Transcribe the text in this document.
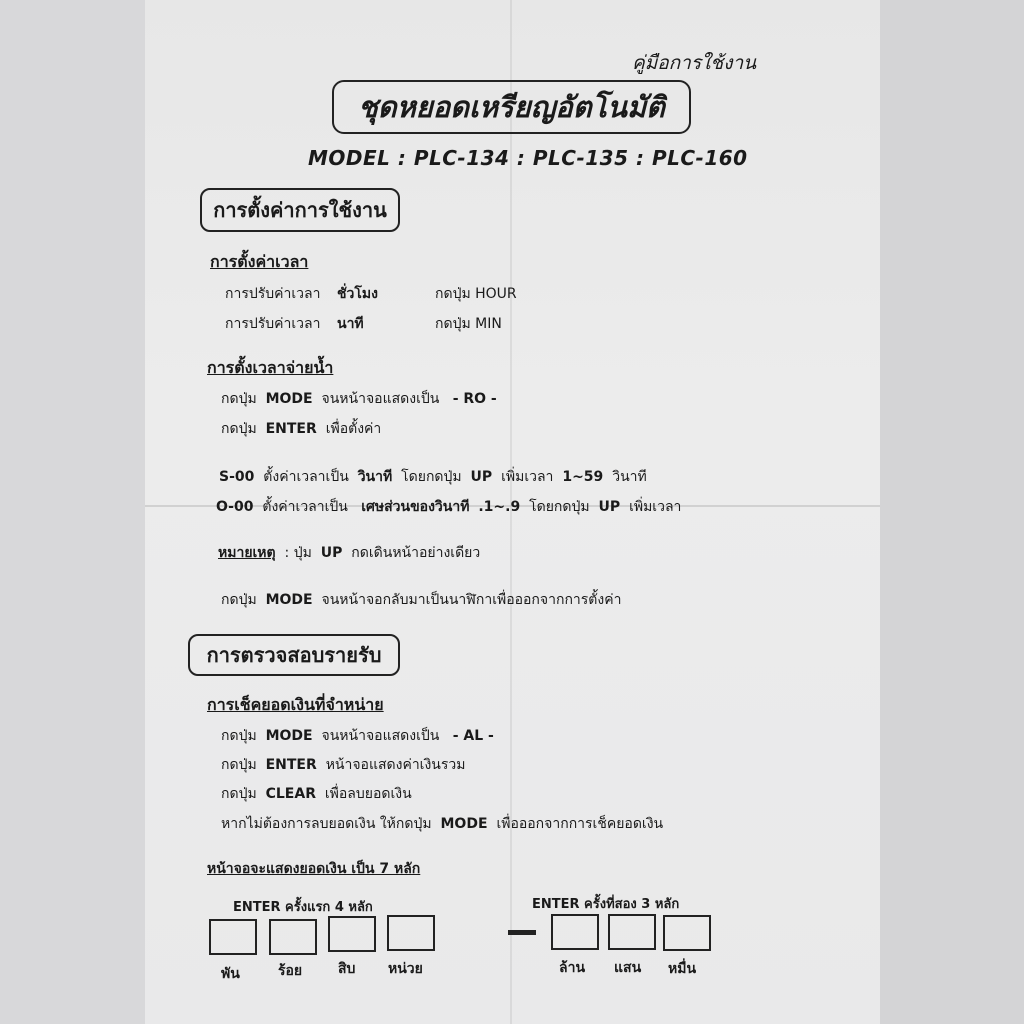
คู่มือการใช้งาน
ชุดหยอดเหรียญอัตโนมัติ
MODEL : PLC-134 : PLC-135 : PLC-160
การตั้งค่าการใช้งาน
การตั้งค่าเวลา
การปรับค่าเวลา ชั่วโมง	กดปุ่ม HOUR
การปรับค่าเวลา นาที	กดปุ่ม MIN
การตั้งเวลาจ่ายน้ำ
กดปุ่ม MODE จนหน้าจอแสดงเป็น - RO -
กดปุ่ม ENTER เพื่อตั้งค่า
S-00 ตั้งค่าเวลาเป็น วินาที โดยกดปุ่ม UP เพิ่มเวลา 1~59 วินาที
O-00 ตั้งค่าเวลาเป็น เศษส่วนของวินาที .1~.9 โดยกดปุ่ม UP เพิ่มเวลา
หมายเหตุ : ปุ่ม UP กดเดินหน้าอย่างเดียว
กดปุ่ม MODE จนหน้าจอกลับมาเป็นนาฬิกาเพื่อออกจากการตั้งค่า
การตรวจสอบรายรับ
การเช็คยอดเงินที่จำหน่าย
กดปุ่ม MODE จนหน้าจอแสดงเป็น - AL -
กดปุ่ม ENTER หน้าจอแสดงค่าเงินรวม
กดปุ่ม CLEAR เพื่อลบยอดเงิน
หากไม่ต้องการลบยอดเงิน ให้กดปุ่ม MODE เพื่อออกจากการเช็คยอดเงิน
หน้าจอจะแสดงยอดเงิน เป็น 7 หลัก
ENTER ครั้งแรก 4 หลัก	ENTER ครั้งที่สอง 3 หลัก
พัน	ร้อย	สิบ หน่วย	ล้าน แสน หมื่น
